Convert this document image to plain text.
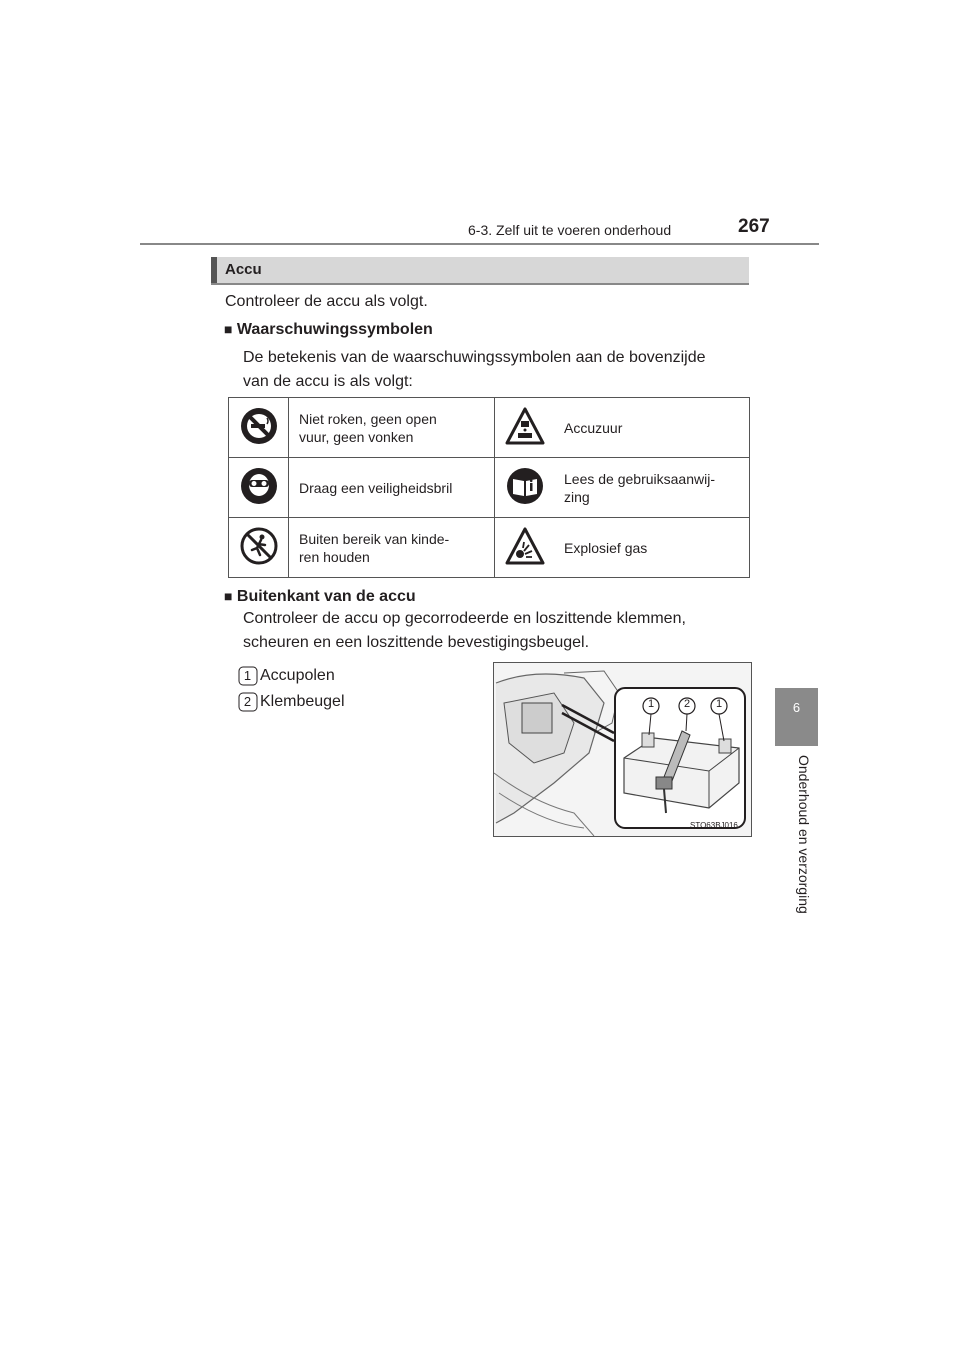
6-3. Zelf uit te voeren onderhoud	267
6
Onderhoud en verzorging
Accu
Controleer de accu als volgt.
■ Waarschuwingssymbolen
De betekenis van de waarschuwingssymbolen aan de bovenzijde
van de accu is als volgt:

Niet roken, geen open
vuur, geen vonken		Accuzuur

Draag een veiligheidsbril		Lees de gebruiksaanwij-
zing

Buiten bereik van kinde-
ren houden		Explosief gas
■ Buitenkant van de accu
Controleer de accu op gecorrodeerde en loszittende klemmen,
scheuren en een loszittende bevestigingsbeugel.
1 Accupolen
2 Klembeugel	1	2 1
STO63BJ016
